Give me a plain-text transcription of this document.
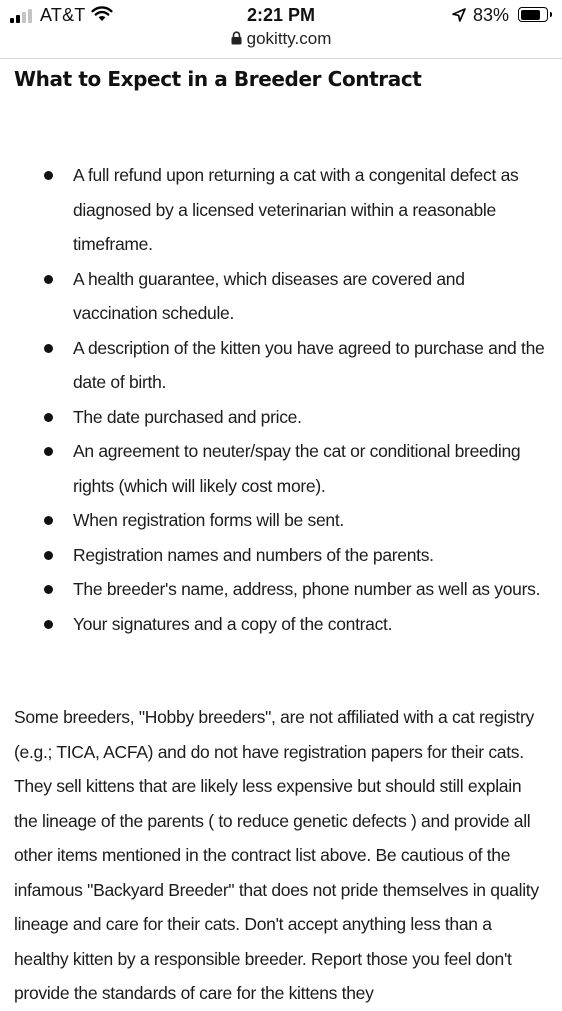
AT&T	2:21 PM	83%
gokitty.com
What to Expect in a Breeder Contract
A full refund upon returning a cat with a congenital defect as diagnosed by a licensed veterinarian within a reasonable timeframe.
A health guarantee, which diseases are covered and vaccination schedule.
A description of the kitten you have agreed to purchase and the date of birth.
The date purchased and price.
An agreement to neuter/spay the cat or conditional breeding rights (which will likely cost more).
When registration forms will be sent.
Registration names and numbers of the parents.
The breeder's name, address, phone number as well as yours.
Your signatures and a copy of the contract.

Some breeders, "Hobby breeders", are not affiliated with a cat registry (e.g.; TICA, ACFA) and do not have registration papers for their cats. They sell kittens that are likely less expensive but should still explain the lineage of the parents ( to reduce genetic defects ) and provide all other items mentioned in the contract list above. Be cautious of the infamous "Backyard Breeder" that does not pride themselves in quality lineage and care for their cats. Don't accept anything less than a healthy kitten by a responsible breeder. Report those you feel don't provide the standards of care for the kittens they
